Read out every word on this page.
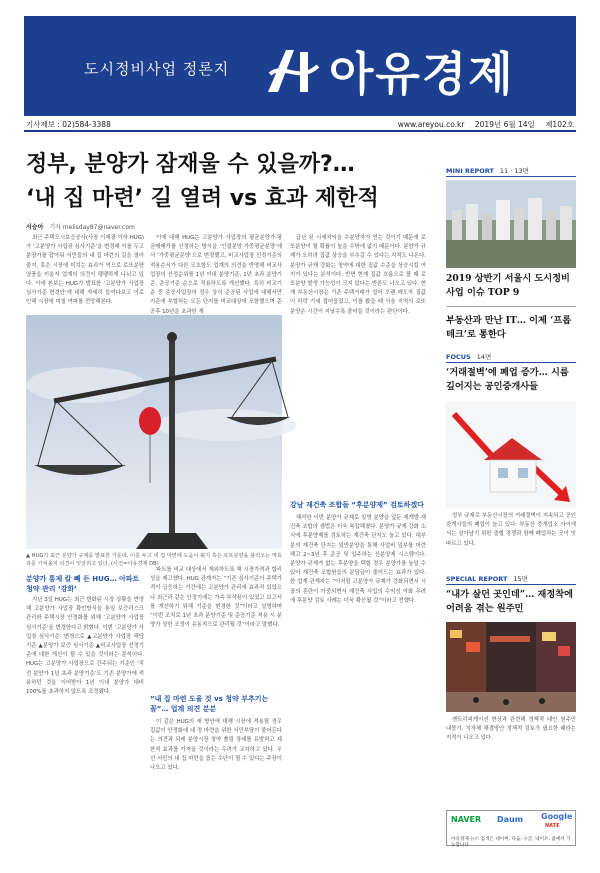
도시정비사업 정론지 아유경제
기사제보 : 02)584-3388	www.areyou.co.kr 2019년 6월 14일 제102호
정부, 분양가 잠재울 수 있을까?…
‘내 집 마련’ 길 열려 vs 효과 제한적
서승아 기자 melisday87@naver.com

최근 주택도시보증공사(사장 이재광·이하 HUG)가 ‘고분양가 사업장 심사기준’을 변경해 이를 두고 분양가를 잡아둬 서민들의 내 집 마련의 길을 열어 줄지, 혹은 시장에 미치는 효과가 역으로 로또분양 열풍을 키울지 업계의 의견이 팽팽하게 나뉘고 있다. 이에 본보는 HUG가 발표한 ‘고분양가 사업장 심사기준 변경안’에 대해 자세히 들여다보고 이로 인해 시장에 미칠 여파를 전망해본다.

이에 대해 HUG는 고분양가 사업장의 평균분양가·평균매매가를 산정하는 방식을 ‘인접분양·가중평균분양’에서 ‘가중평균분양’으로 변경했고, 비교사업장 선정기준의 적용순서가 다른 모호함도 업계의 의견을 반영해 비교사업장의 선정순위를 1년 이내 분양기준, 1년 초과 분양기준, 준공기준 순으로 적용하도록 개선했다. 특히 비교기준 중 준공사업장의 경우 상식 준공된 사업에 대해서만 기준에 부합하는 모든 단지를 비교대상에 포함했으며 준공후 10년을 초과한 재

급난 된 시세차익을 수분양자가 얻는 것이기 때문에 로또분양이 될 확률이 높을 수밖에 없기 때문이다. 분양가 규제가 오히려 집값 상승을 부추길 수 있다는 지적도 나온다. 분양가 규제 강화는 청약에 대한 집값 수준을 상승시킬 여지가 있다는 분석이다. 반면 현재 집값 흐름으로 볼 때 로또분양 발생 가능성이 크지 않다는 반론도 나오고 있다. 현재 부동산시장은 기존 주택거래가 얼어 오랜 매도자 집값이 하락 기세 접어들었고, 이를 봤을 때 서울 지역의 로또분양은 시간이 지날수록 줄어들 것이라는 판단이다.

▲ HUG가 최근 분양가 규제를 발표한 가운데, 이를 두고 내 집 마련에 도움이 될지 혹은 로또분양을 불러오는 역효과를 가져올지 의견이 엇갈리고 있다. (사진=아유경제 DB)
분양가 통제 칼 빼 든 HUG… 아파트 청약 관리 ‘강화’

지난 3일 HUG는 최근 변화된 시장 상황을 반영해 고분양가 사업장 확인방식을 통일 보증리스크 관리와 주택시장 안정화를 위해 ‘고분양가 사업장 심사기준’을 변경한다고 밝혔다. 이번 ‘고분양가 사업장 심사기준’ 변경으로 ▲고분양가 사업장 해당 기준 ▲분양가 보증 심사기준 ▲비교사업장 선정기준에 대한 개선이 될 수 있을 것이라는 분석이다. HUG는 고분양가 사업장으로 간주되는 기준인 ‘직전 분양가 1년 초과 분양기준’도 기존 분양가에 적용하던 것을 이어받아 1년 이내 분양가 대비 100%를 초과하지 않도록 조정됐다.

파트를 비교 대상에서 제외하도록 해 시장가격과 합리성을 제고했다. HUG 관계자는 “기존 심사기준이 주택가격이 급등하는 기간에는 고분양가 관리에 효과적 있었으나 최근과 같은 안정기에는 가속 부작용이 있었고 보고서를 개선하기 위해 기준을 변경한 것”이라고 설명하며 “이번 조치로 1년 초과 분양기준 및 준공기준 적용 시 분양가 상한 조정이 유동적으로 관리될 것”이라고 말했다.

“내 집 마련 도울 것 vs 청약 부추기는 꼴”… 업계 의견 분분

이 같은 HUG의 새 방안에 대해 시장에 적용될 경우 집값이 안정화에 대 정 마련을 위한 서민부담이 줄어든다는 의견과 되레 분양시장 청약 쏠림 장세를 유발하고 제한적 효과를 가져올 것이라는 우려가 교차하고 있다. 우선 서민의 내 집 마련을 돕는 수단이 될 수 있다는 주장이 나오고 있다.

강남 재건축 조합들 “후분양제” 검토하겠다

해석한 이번 분양가 규제로 일명 분양을 앞둔 재개발·재건축 조합의 셈법은 더욱 복잡해졌다. 분양가 규제 강화 소식에 후분양제를 검토하는 재건축 단지도 늘고 있다. 대부분의 재건축 단지는 일반분양을 통해 사업비 일부를 마련해고 2~3년 후 준공 및 입주하는 선분양제 시스템이다. 분양가 규제가 없는 후분양을 택할 경우 분양가를 높일 수 있어 재건축 조합원들의 분담금이 줄어드는 효과가 있다. 한 업계 관계자는 “이처럼 고분양가 규제가 강화되면서 시장의 혼란이 가중되면서 재건축 사업의 수익성 악화 우려에 후분양 검토 사례는 더욱 확산될 것”이라고 전했다.

MINI REPORT 11 · 13면
2019 상반기 서울시 도시정비 사업 이슈 TOP 9
부동산과 만난 IT… 이제 ‘프롭테크’로 통한다
FOCUS 14면
‘거래절벽’에 폐업 증가… 시름 깊어지는 공인중개사들

정부 규제로 부동산시장의 거래절벽이 지속되고 공인중개사들의 폐업이 늘고 있다. 부동산 중개업소 사이에서는 살아남기 위한 출혈 경쟁과 함께 폐업하는 곳이 잇따르고 있다.

SPECIAL REPORT 15면
“내가 살던 곳인데”… 재정착에 어려움 겪는 원주민

젠트리피케이션 현상과 관련해 정책적 대안 원주민 내몰기, 지자체 해결방안 정책적 검토가 필요한 때라는 지적이 나오고 있다.

NAVER Daum Google
NATE
아유경제 뉴스 검색은 네이버, 다음, 구글, 네이트, 줌에서 가능합니다
